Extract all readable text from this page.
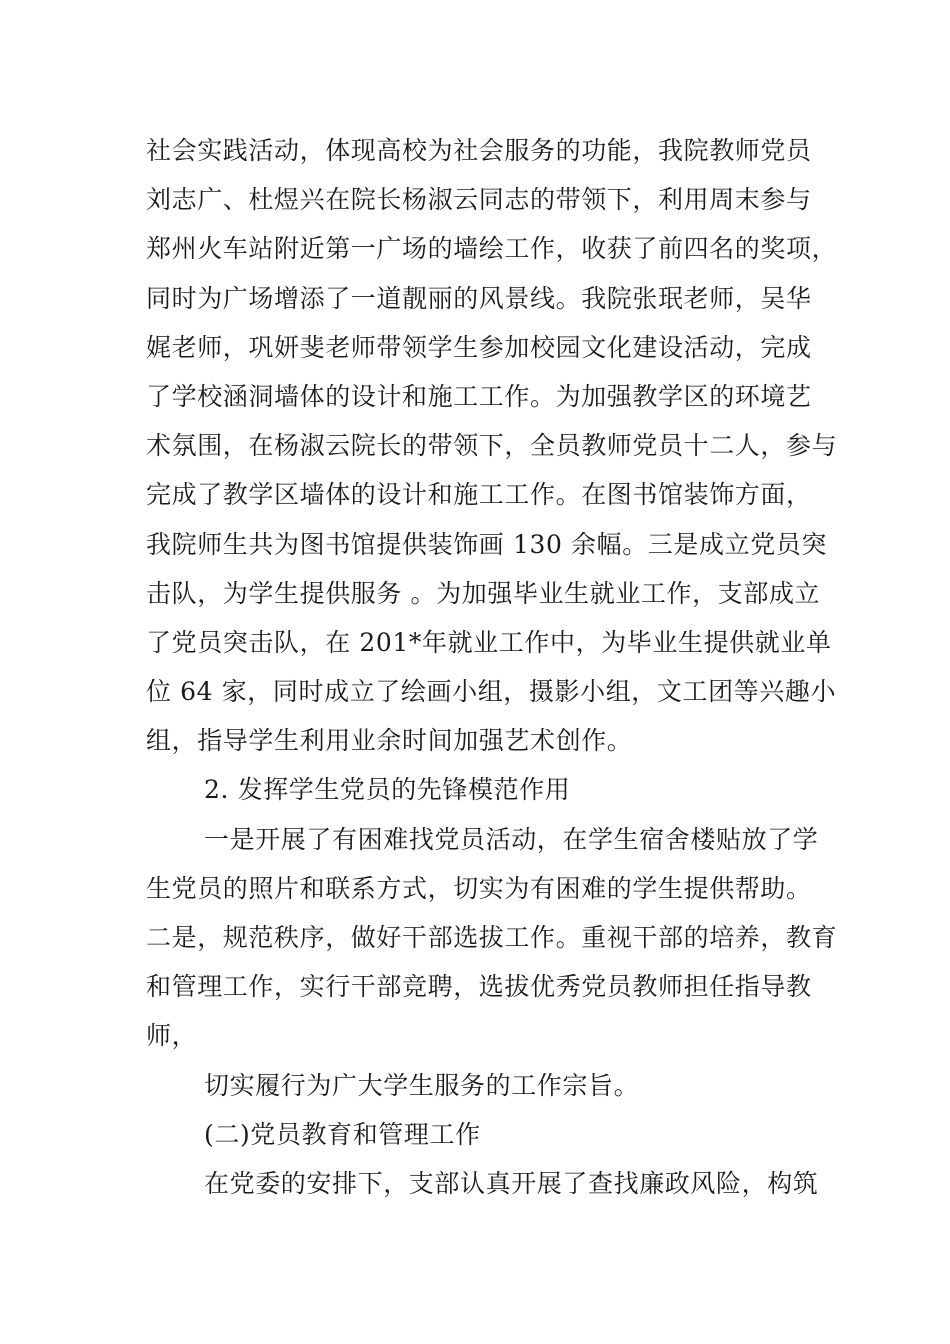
社会实践活动，体现高校为社会服务的功能，我院教师党员
刘志广、杜煜兴在院长杨淑云同志的带领下，利用周末参与
郑州火车站附近第一广场的墙绘工作，收获了前四名的奖项，
同时为广场增添了一道靓丽的风景线。我院张珉老师，吴华
娓老师，巩妍斐老师带领学生参加校园文化建设活动，完成
了学校涵洞墙体的设计和施工工作。为加强教学区的环境艺
术氛围，在杨淑云院长的带领下，全员教师党员十二人，参与
完成了教学区墙体的设计和施工工作。在图书馆装饰方面，
我院师生共为图书馆提供装饰画 130 余幅。三是成立党员突
击队，为学生提供服务 。为加强毕业生就业工作，支部成立
了党员突击队，在 201*年就业工作中，为毕业生提供就业单
位 64 家，同时成立了绘画小组，摄影小组，文工团等兴趣小
组，指导学生利用业余时间加强艺术创作。
2. 发挥学生党员的先锋模范作用
一是开展了有困难找党员活动，在学生宿舍楼贴放了学
生党员的照片和联系方式，切实为有困难的学生提供帮助。
二是，规范秩序，做好干部选拔工作。重视干部的培养，教育
和管理工作，实行干部竞聘，选拔优秀党员教师担任指导教
师，
切实履行为广大学生服务的工作宗旨。
(二)党员教育和管理工作
在党委的安排下，支部认真开展了查找廉政风险，构筑
